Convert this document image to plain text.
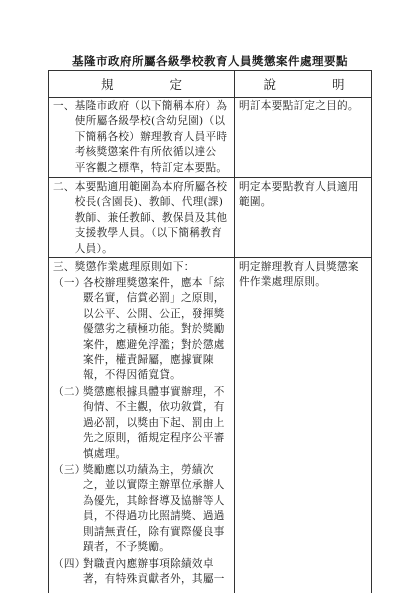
基隆市政府所屬各級學校教育人員獎懲案件處理要點
規 定	說 明
一、基隆市政府（以下簡稱本府）為
　　使所屬各級學校(含幼兒園)（以
　　下簡稱各校）辦理教育人員平時
　　考核獎懲案件有所依循以達公
　　平客觀之標準，特訂定本要點。
明訂本要點訂定之目的。
二、本要點適用範圍為本府所屬各校
　　校長(含園長)、教師、代理(課)
　　教師、兼任教師、教保員及其他
　　支援教學人員。（以下簡稱教育
　　人員）。
明定本要點教育人員適用
範圍。
三、獎懲作業處理原則如下：	明定辦理教育人員獎懲案
件作業處理原則。
（一）
各校辦理獎懲案件，應本「綜
覈名實，信賞必罰」之原則，
以公平、公開、公正，發揮獎
優懲劣之積極功能。對於獎勵
案件，應避免浮濫；對於懲處
案件，權責歸屬，應據實陳
報，不得因循寬貸。
（二）
獎懲應根據具體事實辦理，不
徇情、不主觀，依功敘賞，有
過必罰，以獎由下起、罰由上
先之原則，循規定程序公平審
慎處理。
（三）
獎勵應以功績為主，勞績次
之，並以實際主辦單位承辦人
為優先，其餘督導及協辦等人
員，不得過功比照請獎、過過
則請無責任，除有實際優良事
蹟者，不予獎勵。
（四）
對職責內應辦事項除績效卓
著，有特殊貢獻者外，其屬一
